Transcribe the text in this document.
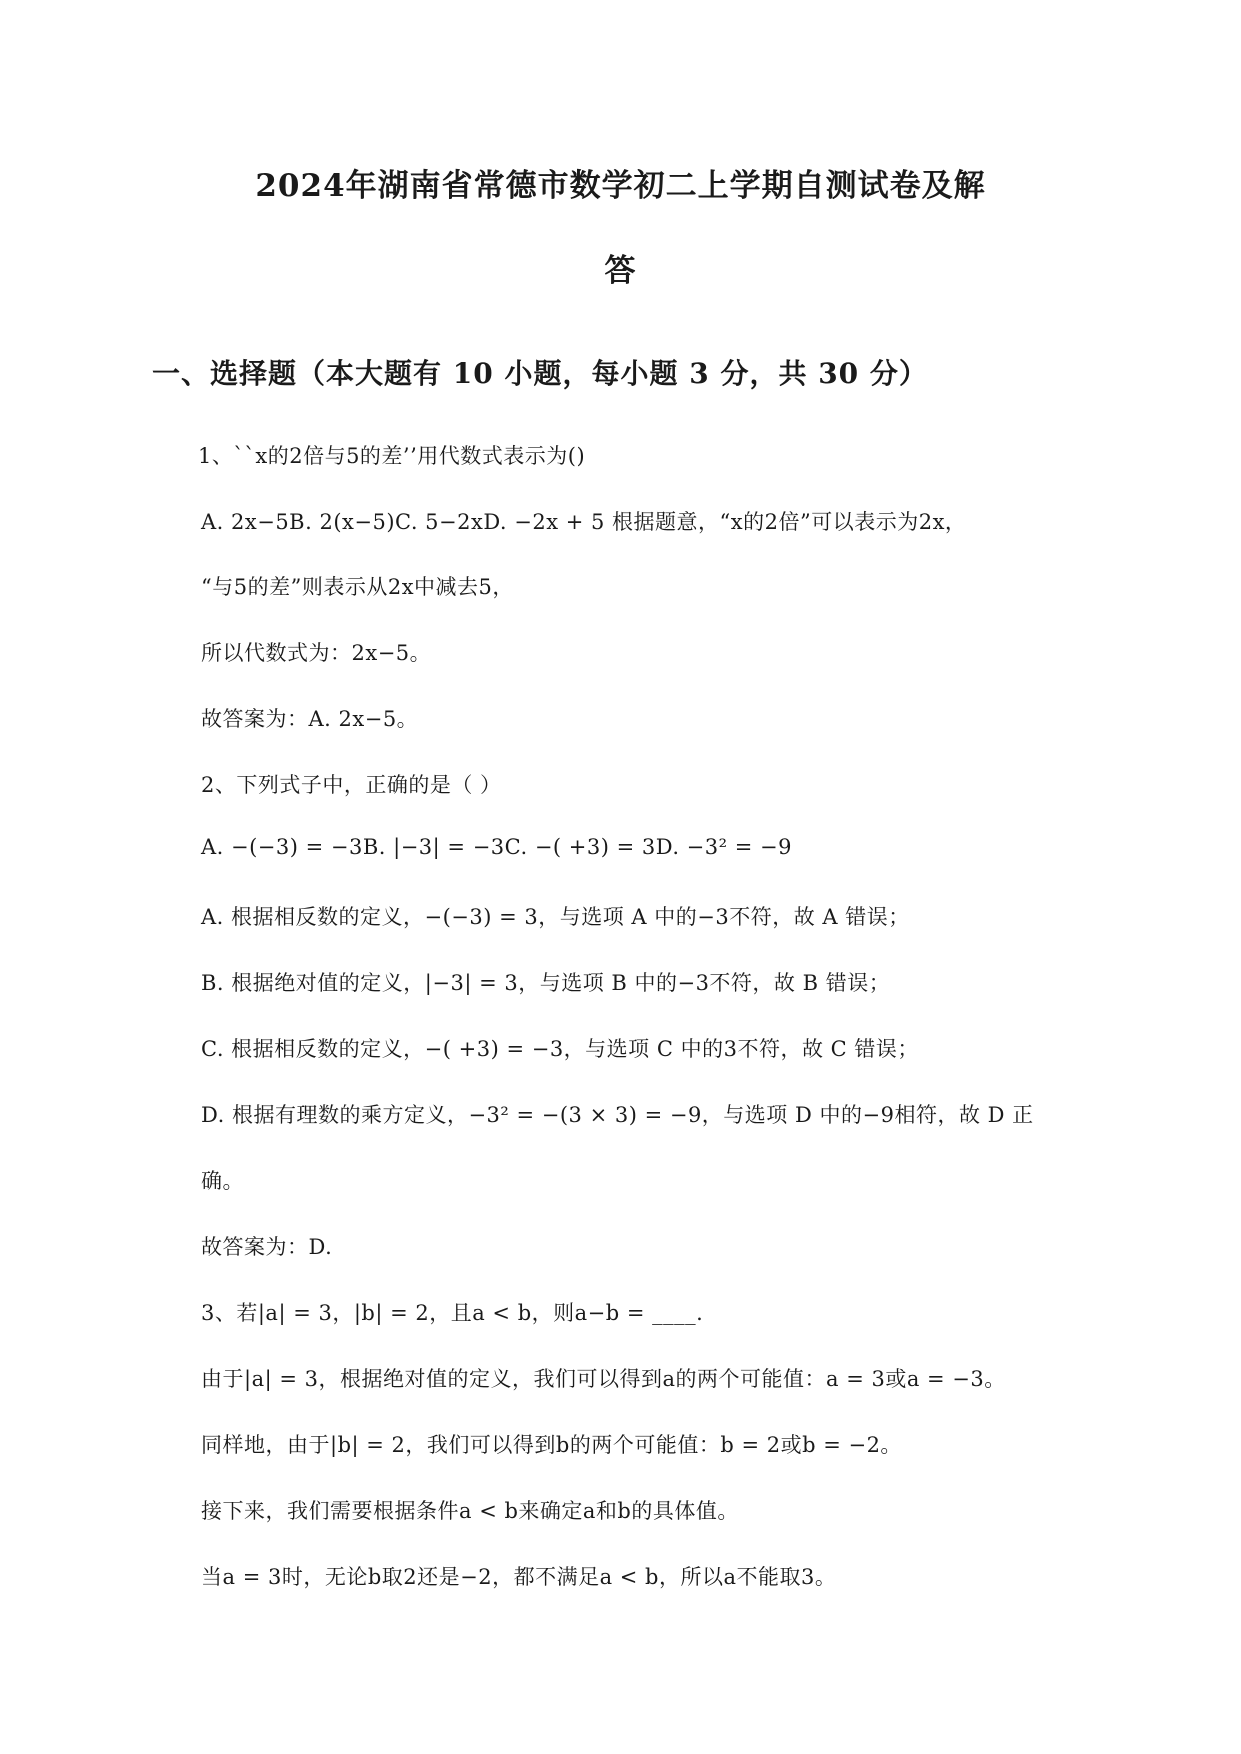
2024年湖南省常德市数学初二上学期自测试卷及解
答
一、选择题（本大题有 10 小题，每小题 3 分，共 30 分）
1、``x的2倍与5的差’’用代数式表示为()
A. 2x−5B. 2(x−5)C. 5−2xD. −2x + 5 根据题意，“x的2倍”可以表示为2x，
“与5的差”则表示从2x中减去5，
所以代数式为：2x−5。
故答案为：A. 2x−5。
2、下列式子中，正确的是（ ）
A. −(−3) = −3B. |−3| = −3C. −( +3) = 3D. −3² = −9
A. 根据相反数的定义，−(−3) = 3，与选项 A 中的−3不符，故 A 错误；
B. 根据绝对值的定义，|−3| = 3，与选项 B 中的−3不符，故 B 错误；
C. 根据相反数的定义，−( +3) = −3，与选项 C 中的3不符，故 C 错误；
D. 根据有理数的乘方定义，−3² = −(3 × 3) = −9，与选项 D 中的−9相符，故 D 正
确。
故答案为：D.
3、若|a| = 3，|b| = 2，且a < b，则a−b = ____.
由于|a| = 3，根据绝对值的定义，我们可以得到a的两个可能值：a = 3或a = −3。
同样地，由于|b| = 2，我们可以得到b的两个可能值：b = 2或b = −2。
接下来，我们需要根据条件a < b来确定a和b的具体值。
当a = 3时，无论b取2还是−2，都不满足a < b，所以a不能取3。
